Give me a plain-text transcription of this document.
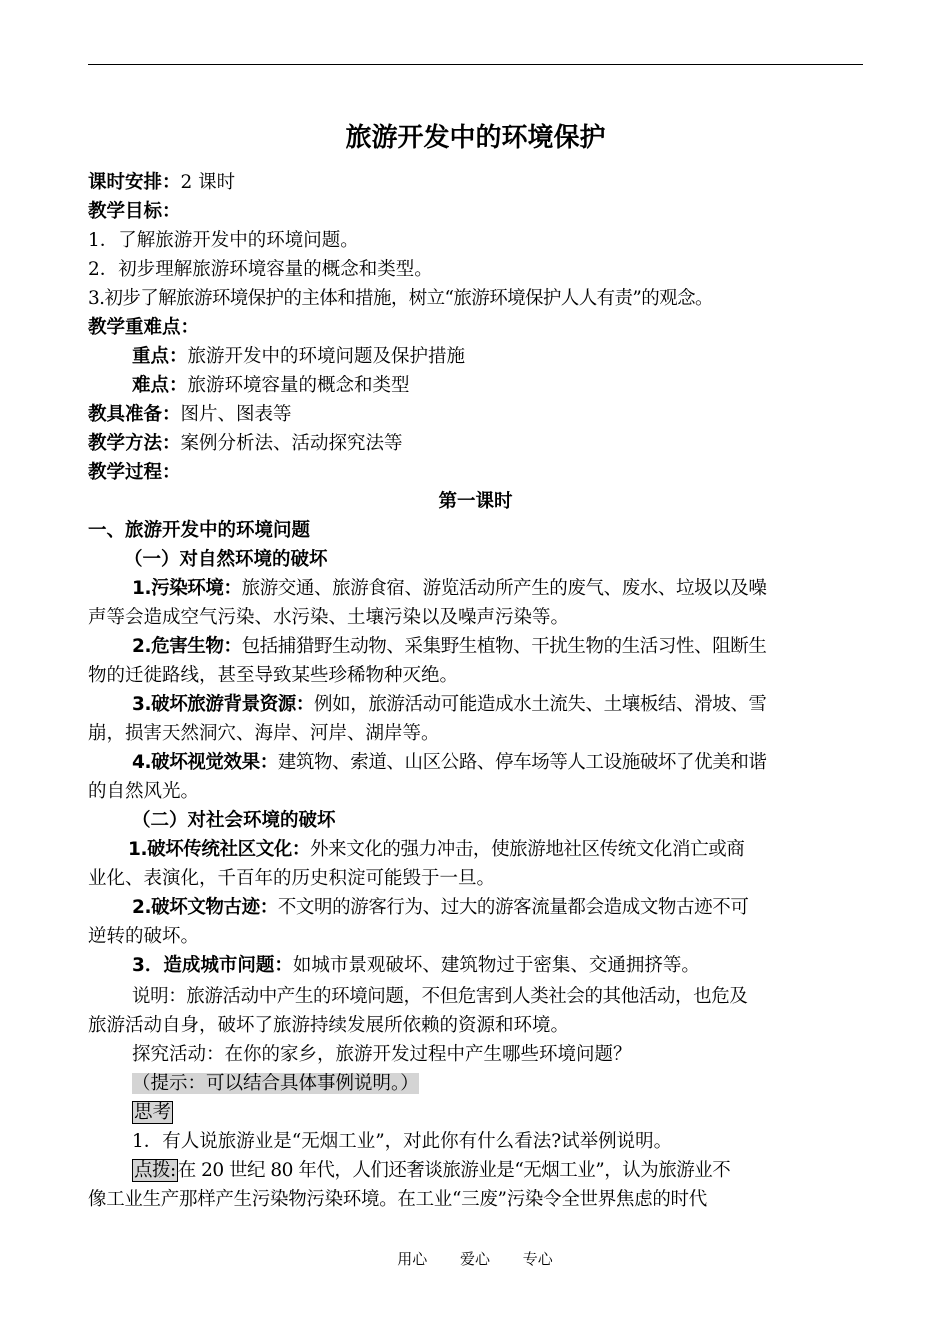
旅游开发中的环境保护
课时安排：2 课时
教学目标：
1．了解旅游开发中的环境问题。
2．初步理解旅游环境容量的概念和类型。
3.初步了解旅游环境保护的主体和措施，树立“旅游环境保护人人有责”的观念。
教学重难点：
重点：旅游开发中的环境问题及保护措施
难点：旅游环境容量的概念和类型
教具准备：图片、图表等
教学方法：案例分析法、活动探究法等
教学过程：
第一课时
一、旅游开发中的环境问题
（一）对自然环境的破坏
1.污染环境：旅游交通、旅游食宿、游览活动所产生的废气、废水、垃圾以及噪
声等会造成空气污染、水污染、土壤污染以及噪声污染等。
2.危害生物：包括捕猎野生动物、采集野生植物、干扰生物的生活习性、阻断生
物的迁徙路线，甚至导致某些珍稀物种灭绝。
3.破坏旅游背景资源：例如，旅游活动可能造成水土流失、土壤板结、滑坡、雪
崩，损害天然洞穴、海岸、河岸、湖岸等。
4.破坏视觉效果：建筑物、索道、山区公路、停车场等人工设施破坏了优美和谐
的自然风光。
（二）对社会环境的破坏
1.破坏传统社区文化：外来文化的强力冲击，使旅游地社区传统文化消亡或商
业化、表演化，千百年的历史积淀可能毁于一旦。
2.破坏文物古迹：不文明的游客行为、过大的游客流量都会造成文物古迹不可
逆转的破坏。
3．造成城市问题：如城市景观破坏、建筑物过于密集、交通拥挤等。
说明：旅游活动中产生的环境问题，不但危害到人类社会的其他活动，也危及
旅游活动自身，破坏了旅游持续发展所依赖的资源和环境。
探究活动：在你的家乡，旅游开发过程中产生哪些环境问题？
（提示：可以结合具体事例说明。）
思考
1．有人说旅游业是“无烟工业”，对此你有什么看法?试举例说明。
点拨: 在 20 世纪 80 年代，人们还奢谈旅游业是“无烟工业”，认为旅游业不
像工业生产那样产生污染物污染环境。在工业“三废”污染令全世界焦虑的时代
用心 爱心 专心
